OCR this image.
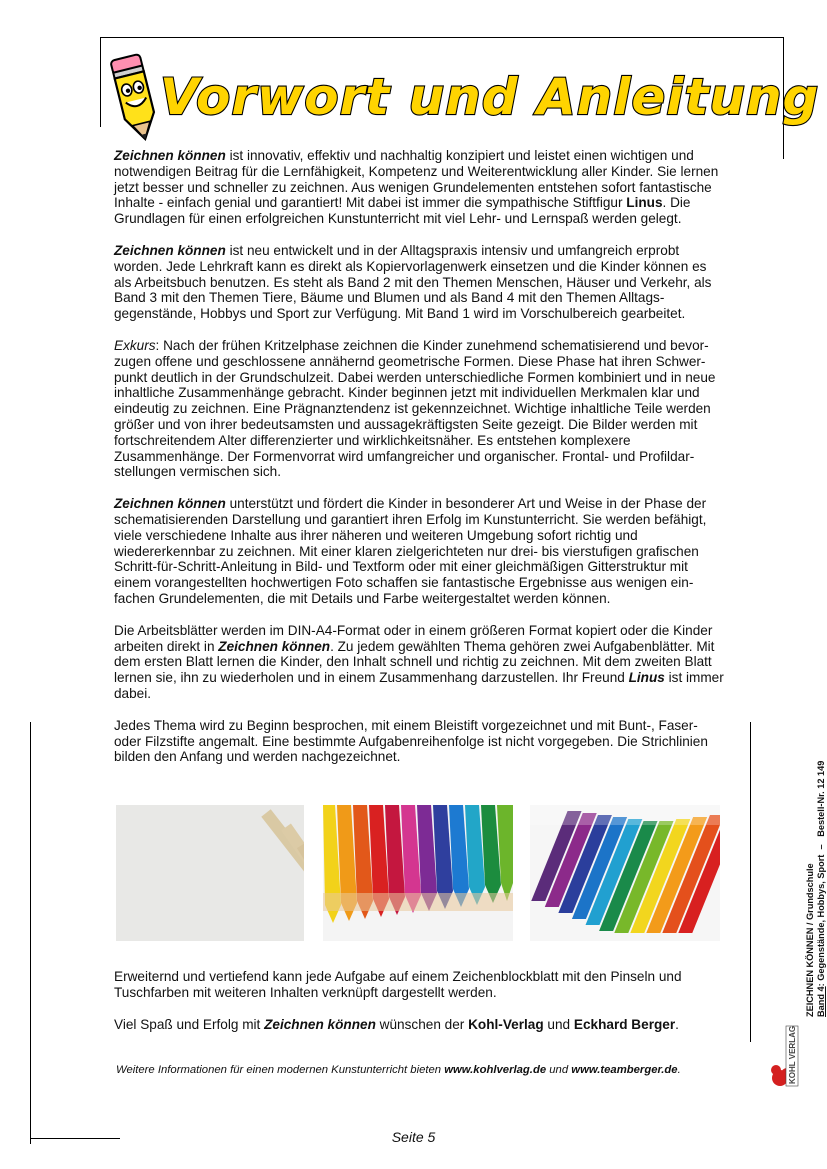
Vorwort und Anleitung

Zeichnen können ist innovativ, effektiv und nachhaltig konzipiert und leistet einen wichtigen und notwendigen Beitrag für die Lernfähigkeit, Kompetenz und Weiterentwicklung aller Kinder. Sie lernen jetzt besser und schneller zu zeichnen. Aus wenigen Grundelementen entstehen sofort fantastische Inhalte - einfach genial und garantiert! Mit dabei ist immer die sympathische Stiftfigur Linus. Die Grundlagen für einen erfolgreichen Kunstunterricht mit viel Lehr- und Lernspaß werden gelegt.

Zeichnen können ist neu entwickelt und in der Alltagspraxis intensiv und umfangreich erprobt worden. Jede Lehrkraft kann es direkt als Kopiervorlagenwerk einsetzen und die Kinder können es als Arbeitsbuch benutzen. Es steht als Band 2 mit den Themen Menschen, Häuser und Verkehr, als Band 3 mit den Themen Tiere, Bäume und Blumen und als Band 4 mit den Themen Alltags-gegenstände, Hobbys und Sport zur Verfügung. Mit Band 1 wird im Vorschulbereich gearbeitet.

Exkurs: Nach der frühen Kritzelphase zeichnen die Kinder zunehmend schematisierend und bevor-zugen offene und geschlossene annähernd geometrische Formen. Diese Phase hat ihren Schwer-punkt deutlich in der Grundschulzeit. Dabei werden unterschiedliche Formen kombiniert und in neue inhaltliche Zusammenhänge gebracht. Kinder beginnen jetzt mit individuellen Merkmalen klar und eindeutig zu zeichnen. Eine Prägnanztendenz ist gekennzeichnet. Wichtige inhaltliche Teile werden größer und von ihrer bedeutsamsten und aussagekräftigsten Seite gezeigt. Die Bilder werden mit fortschreitendem Alter differenzierter und wirklichkeitsnäher. Es entstehen komplexere Zusammenhänge. Der Formenvorrat wird umfangreicher und organischer. Frontal- und Profildar-stellungen vermischen sich.

Zeichnen können unterstützt und fördert die Kinder in besonderer Art und Weise in der Phase der schematisierenden Darstellung und garantiert ihren Erfolg im Kunstunterricht. Sie werden befähigt, viele verschiedene Inhalte aus ihrer näheren und weiteren Umgebung sofort richtig und wiedererkennbar zu zeichnen. Mit einer klaren zielgerichteten nur drei- bis vierstufigen grafischen Schritt-für-Schritt-Anleitung in Bild- und Textform oder mit einer gleichmäßigen Gitterstruktur mit einem vorangestellten hochwertigen Foto schaffen sie fantastische Ergebnisse aus wenigen ein-fachen Grundelementen, die mit Details und Farbe weitergestaltet werden können.

Die Arbeitsblätter werden im DIN-A4-Format oder in einem größeren Format kopiert oder die Kinder arbeiten direkt in Zeichnen können. Zu jedem gewählten Thema gehören zwei Aufgabenblätter. Mit dem ersten Blatt lernen die Kinder, den Inhalt schnell und richtig zu zeichnen. Mit dem zweiten Blatt lernen sie, ihn zu wiederholen und in einem Zusammenhang darzustellen. Ihr Freund Linus ist immer dabei.

Jedes Thema wird zu Beginn besprochen, mit einem Bleistift vorgezeichnet und mit Bunt-, Faser- oder Filzstifte angemalt. Eine bestimmte Aufgabenreihenfolge ist nicht vorgegeben. Die Strichlinien bilden den Anfang und werden nachgezeichnet.

Erweiternd und vertiefend kann jede Aufgabe auf einem Zeichenblockblatt mit den Pinseln und Tuschfarben mit weiteren Inhalten verknüpft dargestellt werden.

Viel Spaß und Erfolg mit Zeichnen können wünschen der Kohl-Verlag und Eckhard Berger.

Weitere Informationen für einen modernen Kunstunterricht bieten www.kohlverlag.de und www.teamberger.de.
Seite 5
ZEICHNEN KÖNNEN / Grundschule Band 4: Gegenstände, Hobbys, Sport  –   Bestell-Nr. 12 149
KOHL VERLAG
